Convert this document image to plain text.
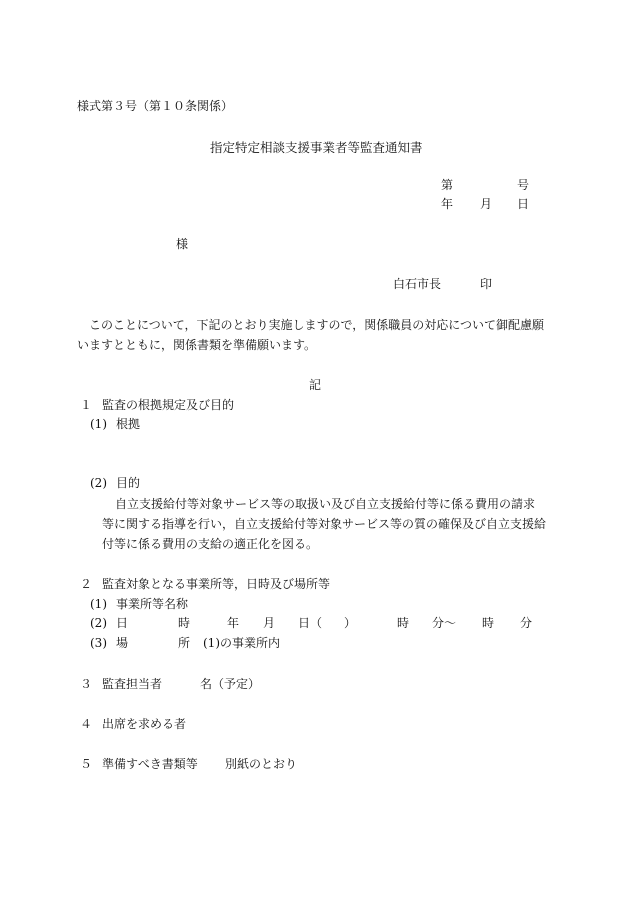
様式第３号（第１０条関係）
指定特定相談支援事業者等監査通知書
第	号
年 月 日
様
白石市長	印
このことについて，下記のとおり実施しますので，関係職員の対応について御配慮願
いますとともに，関係書類を準備願います。
記
１ 監査の根拠規定及び目的
(1) 根拠
(2) 目的
自立支援給付等対象サービス等の取扱い及び自立支援給付等に係る費用の請求
等に関する指導を行い，自立支援給付等対象サービス等の質の確保及び自立支援給
付等に係る費用の支給の適正化を図る。
２ 監査対象となる事業所等，日時及び場所等
(1) 事業所等名称
(2) 日	時	年 月 日（ ）	時 分～ 時 分
(3) 場	所 (1)の事業所内
３ 監査担当者	名（予定）
４ 出席を求める者
５ 準備すべき書類等 別紙のとおり
